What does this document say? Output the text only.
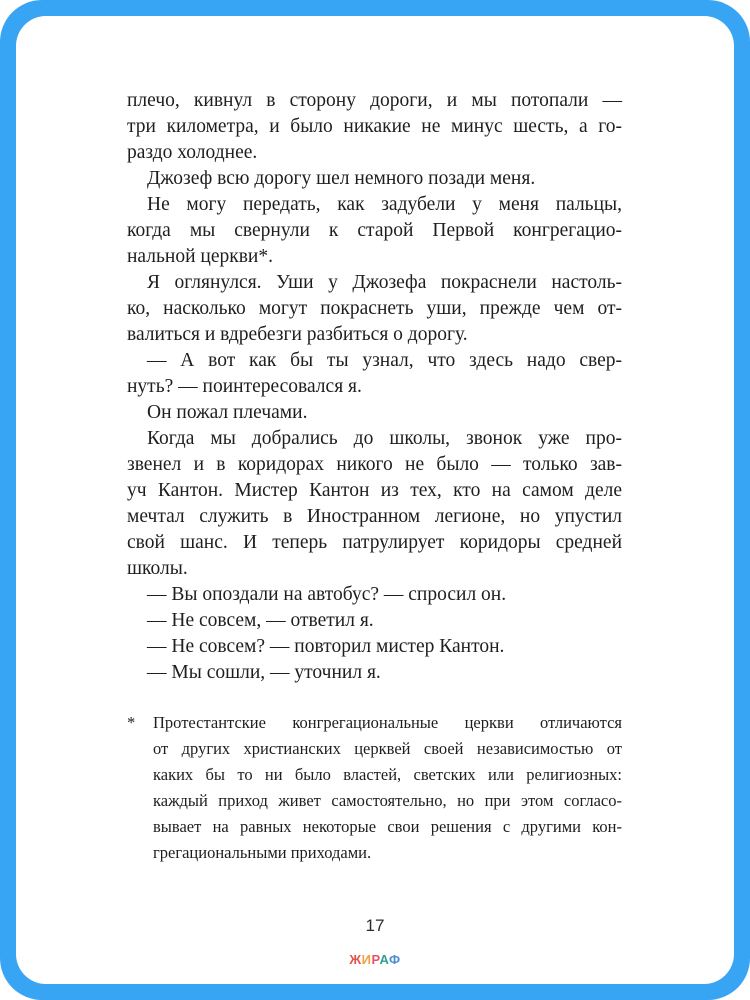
плечо, кивнул в сторону дороги, и мы потопали —
три километра, и было никакие не минус шесть, а го-
раздо холоднее.
Джозеф всю дорогу шел немного позади меня.
Не могу передать, как задубели у меня пальцы,
когда мы свернули к старой Первой конгрегацио-
нальной церкви*.
Я оглянулся. Уши у Джозефа покраснели настоль-
ко, насколько могут покраснеть уши, прежде чем от-
валиться и вдребезги разбиться о дорогу.
— А вот как бы ты узнал, что здесь надо свер-
нуть? — поинтересовался я.
Он пожал плечами.
Когда мы добрались до школы, звонок уже про-
звенел и в коридорах никого не было — только зав-
уч Кантон. Мистер Кантон из тех, кто на самом деле
мечтал служить в Иностранном легионе, но упустил
свой шанс. И теперь патрулирует коридоры средней
школы.
— Вы опоздали на автобус? — спросил он.
— Не совсем, — ответил я.
— Не совсем? — повторил мистер Кантон.
— Мы сошли, — уточнил я.
* Протестантские конгрегациональные церкви отличаются
от других христианских церквей своей независимостью от
каких бы то ни было властей, светских или религиозных:
каждый приход живет самостоятельно, но при этом согласо-
вывает на равных некоторые свои решения с другими кон-
грегациональными приходами.
17
ЖИРАФ
